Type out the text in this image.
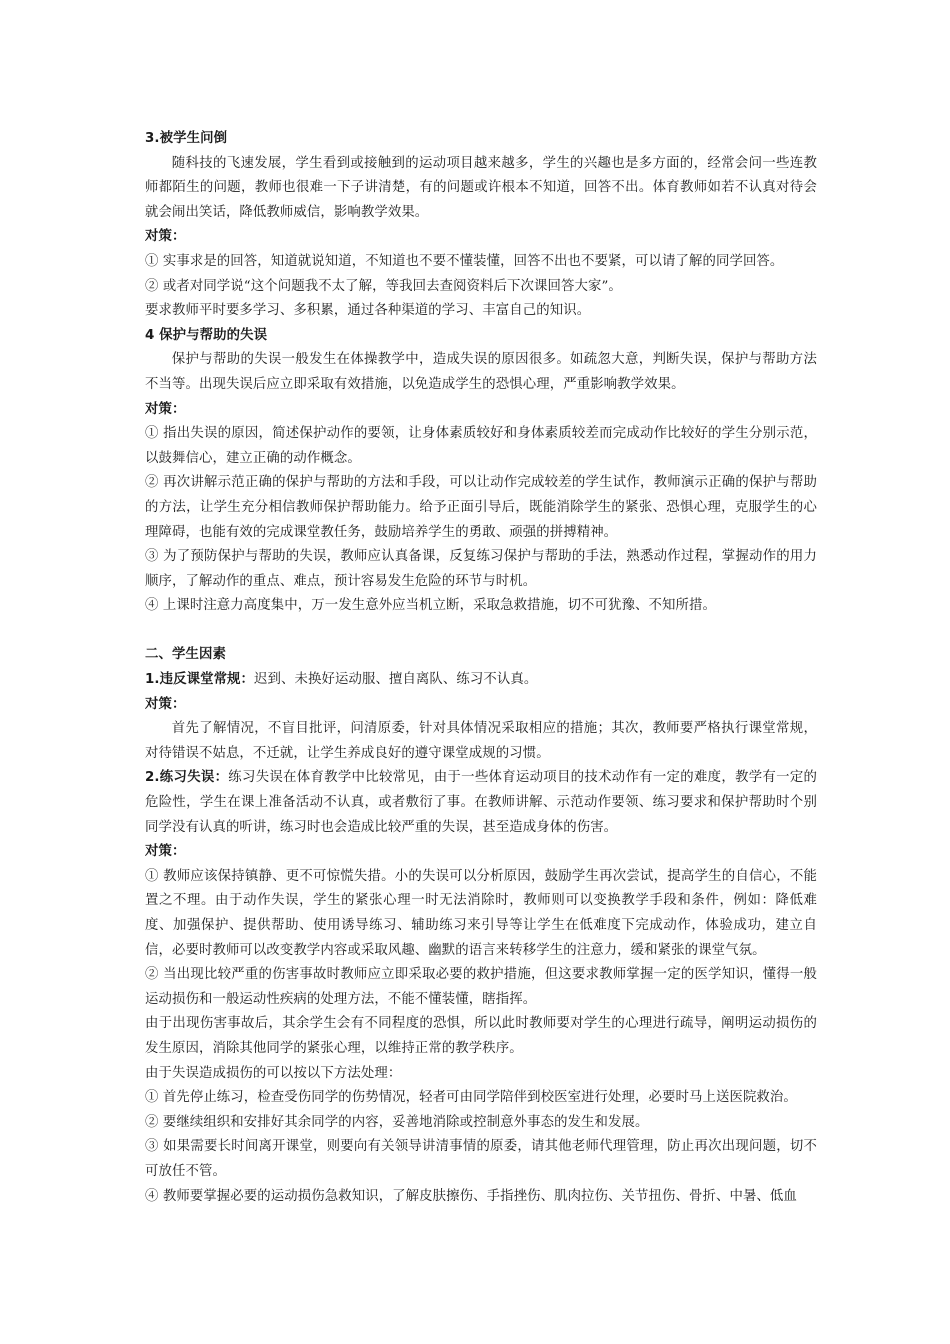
3.被学生问倒

随科技的飞速发展，学生看到或接触到的运动项目越来越多，学生的兴趣也是多方面的，经常会问一些连教师都陌生的问题，教师也很难一下子讲清楚，有的问题或许根本不知道，回答不出。体育教师如若不认真对待会就会闹出笑话，降低教师威信，影响教学效果。

对策：

① 实事求是的回答，知道就说知道，不知道也不要不懂装懂，回答不出也不要紧，可以请了解的同学回答。

② 或者对同学说“这个问题我不太了解，等我回去查阅资料后下次课回答大家”。

要求教师平时要多学习、多积累，通过各种渠道的学习、丰富自己的知识。

4 保护与帮助的失误

保护与帮助的失误一般发生在体操教学中，造成失误的原因很多。如疏忽大意，判断失误，保护与帮助方法不当等。出现失误后应立即采取有效措施，以免造成学生的恐惧心理，严重影响教学效果。

对策：

① 指出失误的原因，简述保护动作的要领，让身体素质较好和身体素质较差而完成动作比较好的学生分别示范，以鼓舞信心，建立正确的动作概念。

② 再次讲解示范正确的保护与帮助的方法和手段，可以让动作完成较差的学生试作，教师演示正确的保护与帮助的方法，让学生充分相信教师保护帮助能力。给予正面引导后，既能消除学生的紧张、恐惧心理，克服学生的心理障碍，也能有效的完成课堂教任务，鼓励培养学生的勇敢、顽强的拼搏精神。

③ 为了预防保护与帮助的失误，教师应认真备课，反复练习保护与帮助的手法，熟悉动作过程，掌握动作的用力顺序，了解动作的重点、难点，预计容易发生危险的环节与时机。

④ 上课时注意力高度集中，万一发生意外应当机立断，采取急救措施，切不可犹豫、不知所措。

二、学生因素

1.违反课堂常规：迟到、未换好运动服、擅自离队、练习不认真。

对策：

首先了解情况，不盲目批评，问清原委，针对具体情况采取相应的措施；其次，教师要严格执行课堂常规，对待错误不姑息，不迁就，让学生养成良好的遵守课堂成规的习惯。

2.练习失误：练习失误在体育教学中比较常见，由于一些体育运动项目的技术动作有一定的难度，教学有一定的危险性，学生在课上准备活动不认真，或者敷衍了事。在教师讲解、示范动作要领、练习要求和保护帮助时个别同学没有认真的听讲，练习时也会造成比较严重的失误，甚至造成身体的伤害。

对策：

① 教师应该保持镇静、更不可惊慌失措。小的失误可以分析原因，鼓励学生再次尝试，提高学生的自信心，不能置之不理。由于动作失误，学生的紧张心理一时无法消除时，教师则可以变换教学手段和条件，例如：降低难度、加强保护、提供帮助、使用诱导练习、辅助练习来引导等让学生在低难度下完成动作，体验成功，建立自信，必要时教师可以改变教学内容或采取风趣、幽默的语言来转移学生的注意力，缓和紧张的课堂气氛。

② 当出现比较严重的伤害事故时教师应立即采取必要的救护措施，但这要求教师掌握一定的医学知识，懂得一般运动损伤和一般运动性疾病的处理方法，不能不懂装懂，瞎指挥。

由于出现伤害事故后，其余学生会有不同程度的恐惧，所以此时教师要对学生的心理进行疏导，阐明运动损伤的发生原因，消除其他同学的紧张心理，以维持正常的教学秩序。

由于失误造成损伤的可以按以下方法处理：

① 首先停止练习，检查受伤同学的伤势情况，轻者可由同学陪伴到校医室进行处理，必要时马上送医院救治。

② 要继续组织和安排好其余同学的内容，妥善地消除或控制意外事态的发生和发展。

③ 如果需要长时间离开课堂，则要向有关领导讲清事情的原委，请其他老师代理管理，防止再次出现问题，切不可放任不管。

④ 教师要掌握必要的运动损伤急救知识，了解皮肤擦伤、手指挫伤、肌肉拉伤、关节扭伤、骨折、中暑、低血
